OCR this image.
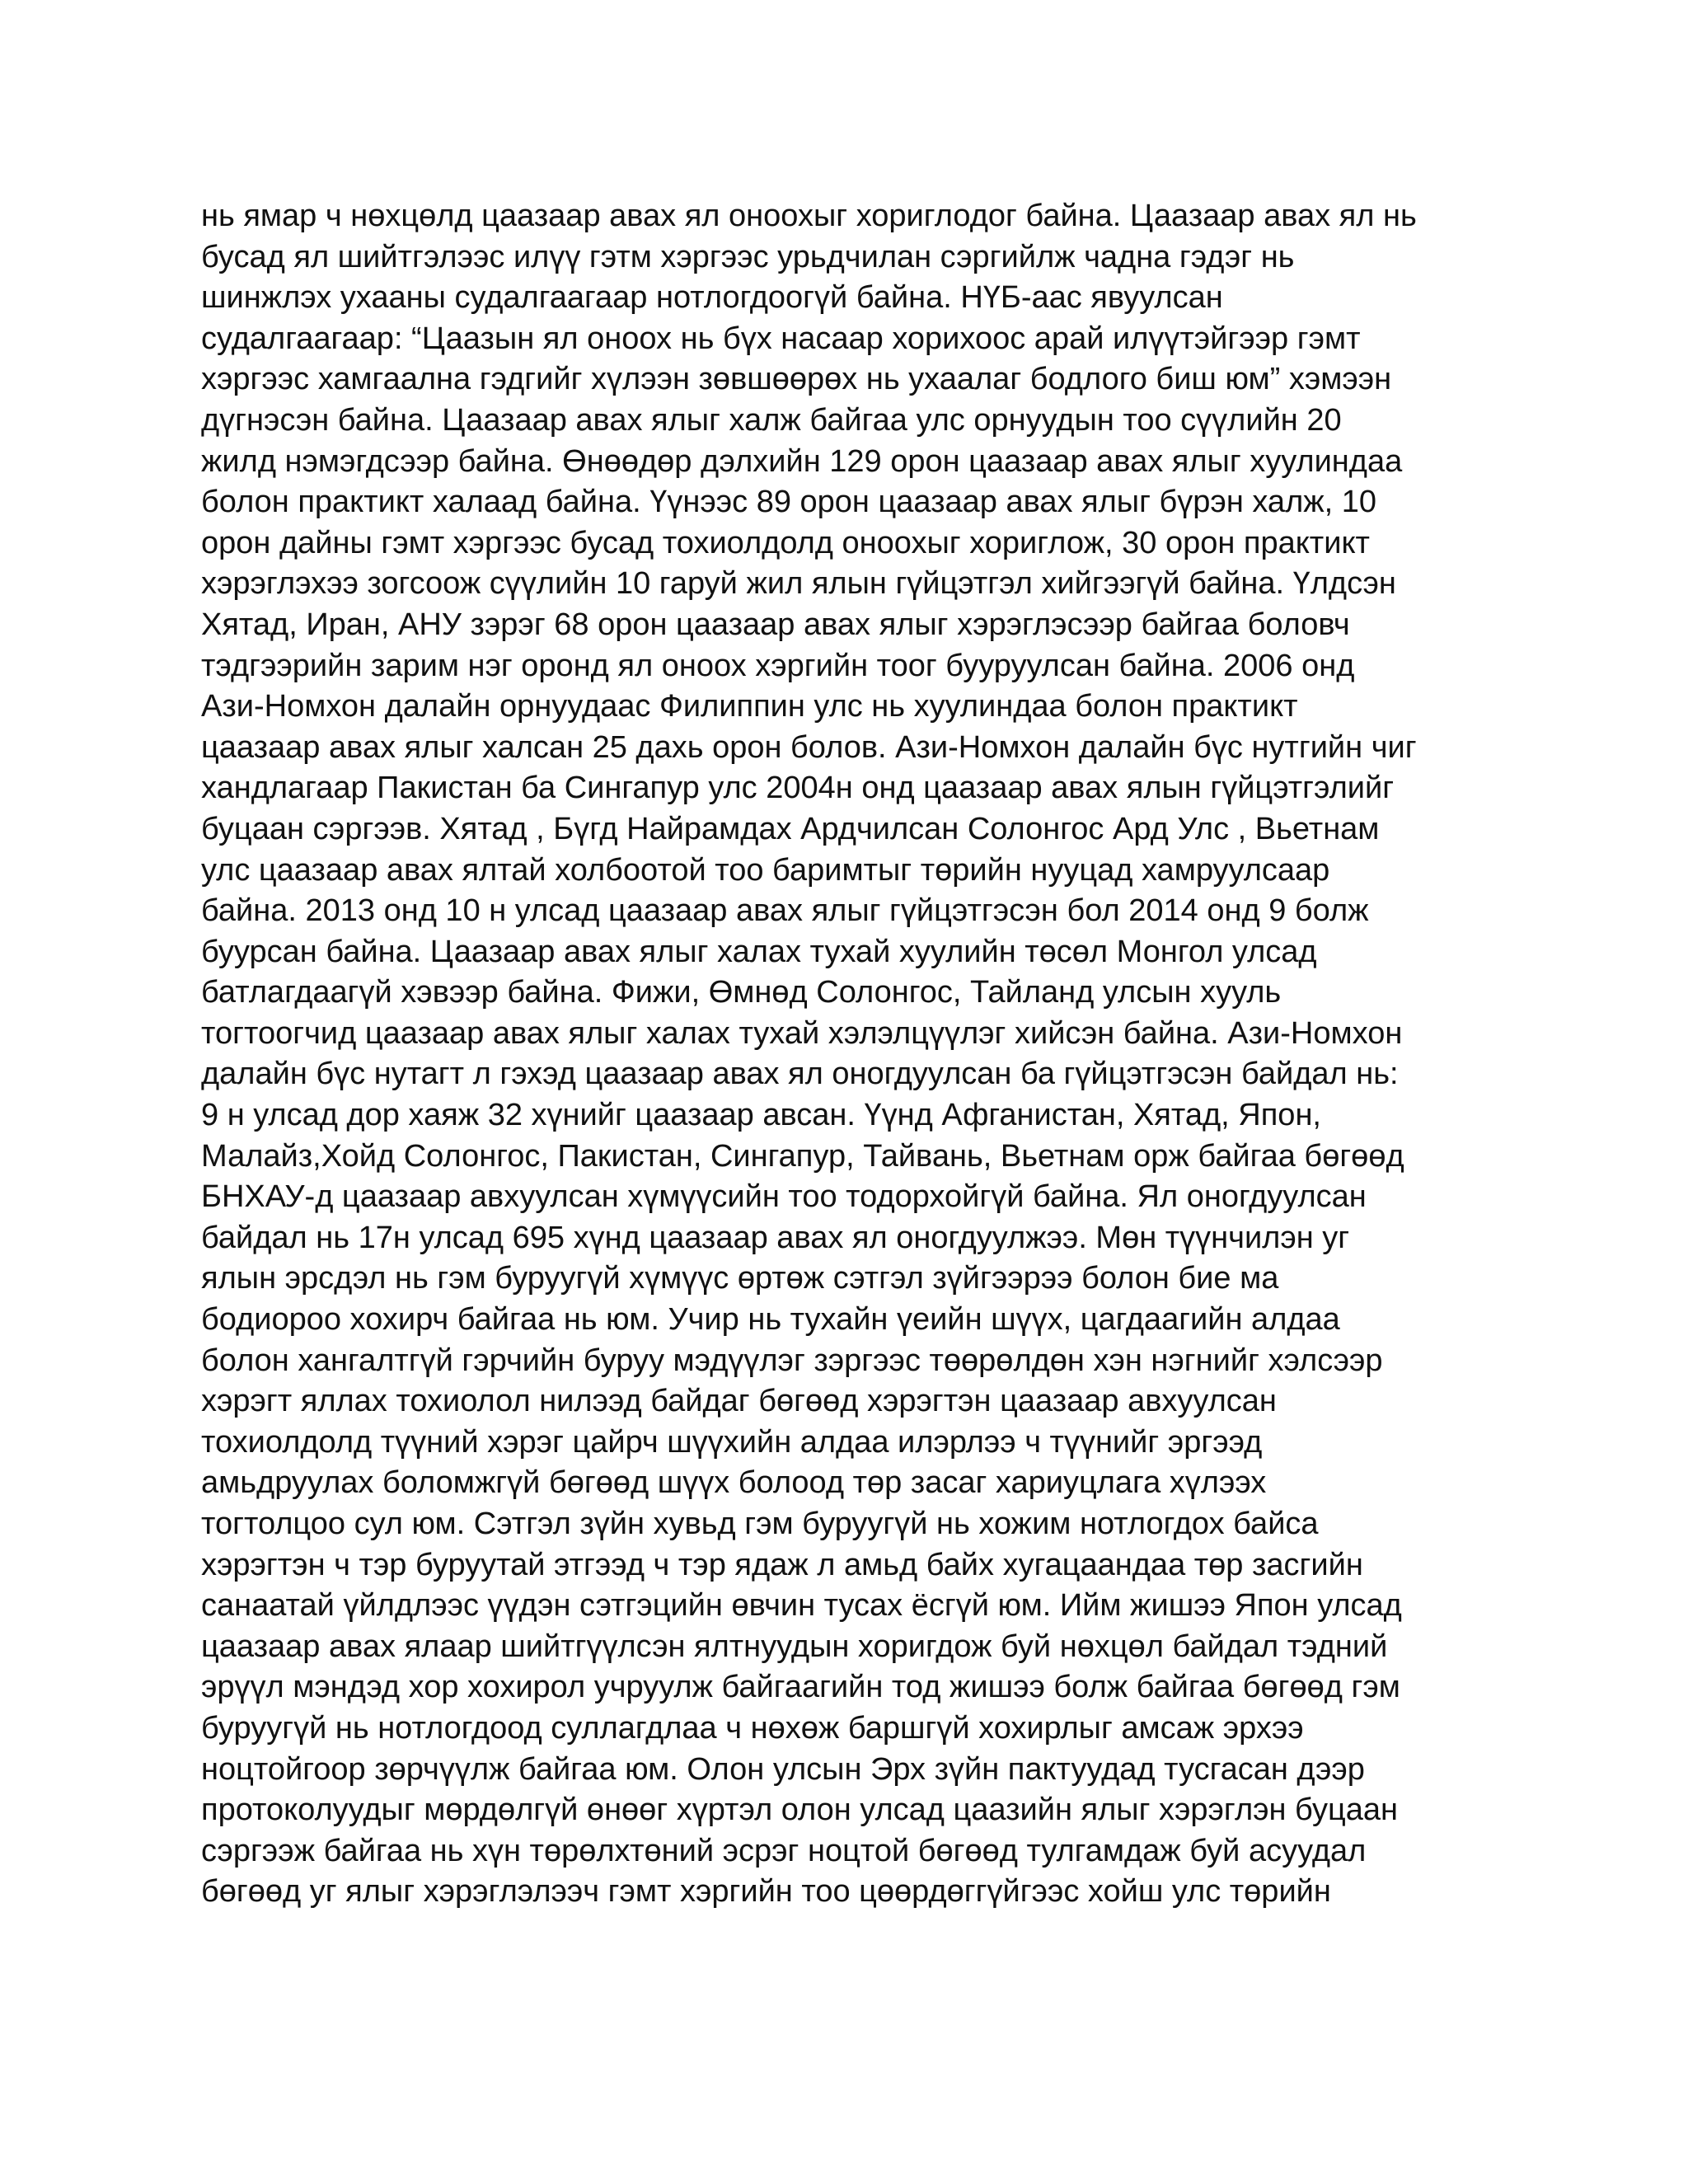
нь ямар ч нөхцөлд цаазаар авах ял оноохыг хориглодог байна. Цаазаар авах ял нь
бусад ял шийтгэлээс илүү гэтм хэргээс урьдчилан сэргийлж чадна гэдэг нь
шинжлэх ухааны судалгаагаар нотлогдоогүй байна. НҮБ-аас явуулсан
судалгаагаар: “Цаазын ял оноох нь бүх насаар хорихоос арай илүүтэйгээр гэмт
хэргээс хамгаална гэдгийг хүлээн зөвшөөрөх нь ухаалаг бодлого биш юм” хэмээн
дүгнэсэн байна. Цаазаар авах ялыг халж байгаа улс орнуудын тоо сүүлийн 20
жилд нэмэгдсээр байна. Өнөөдөр дэлхийн 129 орон цаазаар авах ялыг хуулиндаа
болон практикт халаад байна. Үүнээс 89 орон цаазаар авах ялыг бүрэн халж, 10
орон дайны гэмт хэргээс бусад тохиолдолд оноохыг хориглож, 30 орон практикт
хэрэглэхээ зогсоож сүүлийн 10 гаруй жил ялын гүйцэтгэл хийгээгүй байна. Үлдсэн
Хятад, Иран, АНУ зэрэг 68 орон цаазаар авах ялыг хэрэглэсээр байгаа боловч
тэдгээрийн зарим нэг оронд ял оноох хэргийн тоог бууруулсан байна. 2006 онд
Ази-Номхон далайн орнуудаас Филиппин улс нь хуулиндаа болон практикт
цаазаар авах ялыг халсан 25 дахь орон болов. Ази-Номхон далайн бүс нутгийн чиг
хандлагаар Пакистан ба Сингапур улс 2004н онд цаазаар авах ялын гүйцэтгэлийг
буцаан сэргээв. Хятад , Бүгд Найрамдах Ардчилсан Солонгос Ард Улс , Вьетнам
улс цаазаар авах ялтай холбоотой тоо баримтыг төрийн нууцад хамруулсаар
байна. 2013 онд 10 н улсад цаазаар авах ялыг гүйцэтгэсэн бол 2014 онд 9 болж
буурсан байна. Цаазаар авах ялыг халах тухай хуулийн төсөл Монгол улсад
батлагдаагүй хэвээр байна. Фижи, Өмнөд Солонгос, Тайланд улсын хууль
тогтоогчид цаазаар авах ялыг халах тухай хэлэлцүүлэг хийсэн байна. Ази-Номхон
далайн бүс нутагт л гэхэд цаазаар авах ял оногдуулсан ба гүйцэтгэсэн байдал нь:
9 н улсад дор хаяж 32 хүнийг цаазаар авсан. Үүнд Афганистан, Хятад, Япон,
Малайз,Хойд Солонгос, Пакистан, Сингапур, Тайвань, Вьетнам орж байгаа бөгөөд
БНХАУ-д цаазаар авхуулсан хүмүүсийн тоо тодорхойгүй байна. Ял оногдуулсан
байдал нь 17н улсад 695 хүнд цаазаар авах ял оногдуулжээ. Мөн түүнчилэн уг
ялын эрсдэл нь гэм буруугүй хүмүүс өртөж сэтгэл зүйгээрээ болон бие ма
бодиороо хохирч байгаа нь юм. Учир нь тухайн үеийн шүүх, цагдаагийн алдаа
болон хангалтгүй гэрчийн буруу мэдүүлэг зэргээс төөрөлдөн хэн нэгнийг хэлсээр
хэрэгт яллах тохиолол нилээд байдаг бөгөөд хэрэгтэн цаазаар авхуулсан
тохиолдолд түүний хэрэг цайрч шүүхийн алдаа илэрлээ ч түүнийг эргээд
амьдруулах боломжгүй бөгөөд шүүх болоод төр засаг хариуцлага хүлээх
тогтолцоо сул юм. Сэтгэл зүйн хувьд гэм буруугүй нь хожим нотлогдох байса
хэрэгтэн ч тэр буруутай этгээд ч тэр ядаж л амьд байх хугацаандаа төр засгийн
санаатай үйлдлээс үүдэн сэтгэцийн өвчин тусах ёсгүй юм. Ийм жишээ Япон улсад
цаазаар авах ялаар шийтгүүлсэн ялтнуудын хоригдож буй нөхцөл байдал тэдний
эрүүл мэндэд хор хохирол учруулж байгаагийн тод жишээ болж байгаа бөгөөд гэм
буруугүй нь нотлогдоод суллагдлаа ч нөхөж баршгүй хохирлыг амсаж эрхээ
ноцтойгоор зөрчүүлж байгаа юм. Олон улсын Эрх зүйн пактуудад тусгасан дээр
протоколуудыг мөрдөлгүй өнөөг хүртэл олон улсад цаазийн ялыг хэрэглэн буцаан
сэргээж байгаа нь хүн төрөлхтөний эсрэг ноцтой бөгөөд тулгамдаж буй асуудал
бөгөөд уг ялыг хэрэглэлээч гэмт хэргийн тоо цөөрдөггүйгээс хойш улс төрийн
